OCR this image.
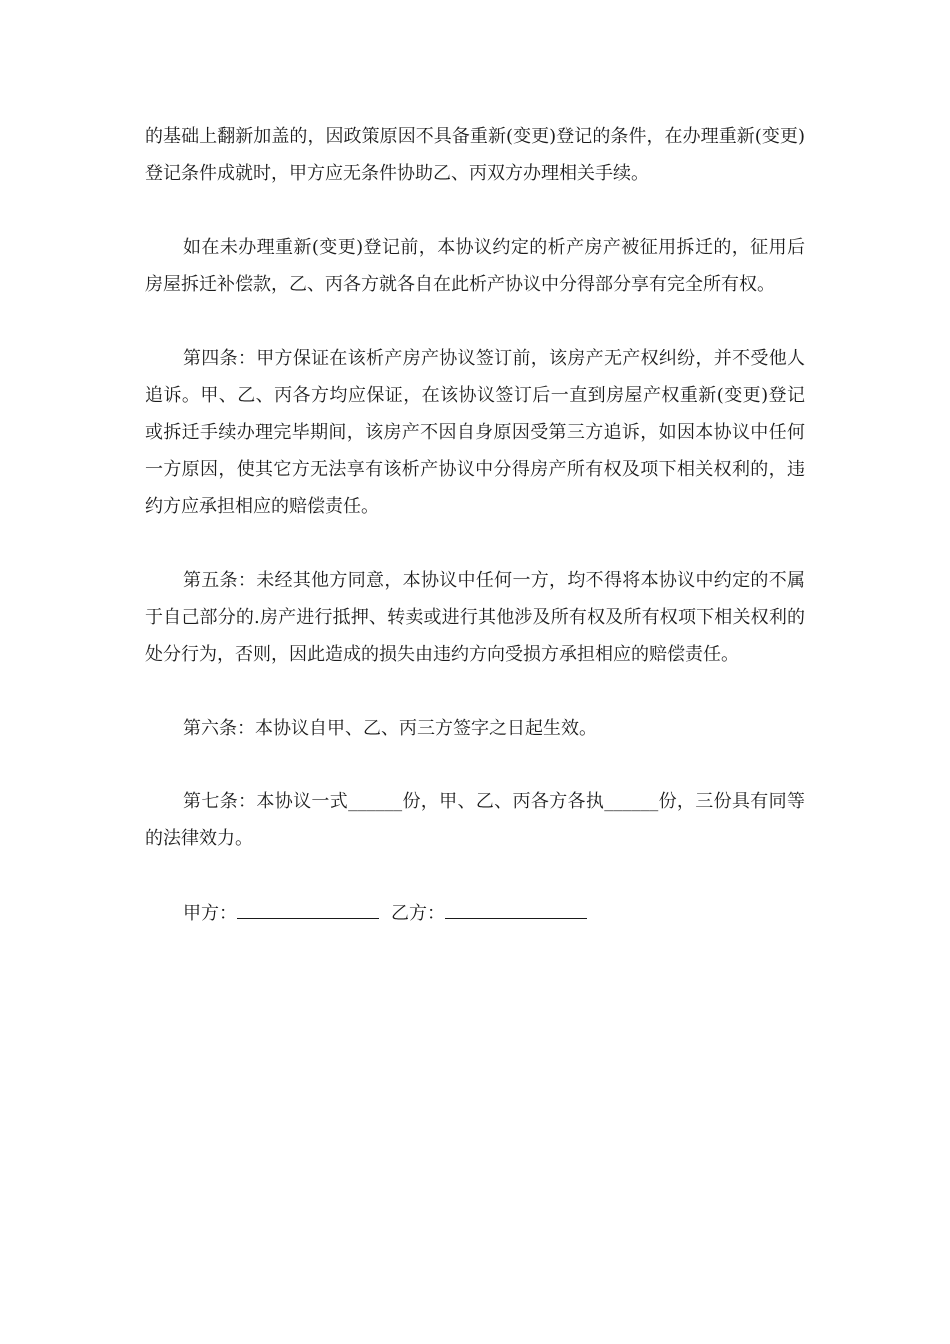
的基础上翻新加盖的，因政策原因不具备重新(变更)登记的条件，在办理重新(变更)登记条件成就时，甲方应无条件协助乙、丙双方办理相关手续。

如在未办理重新(变更)登记前，本协议约定的析产房产被征用拆迁的，征用后房屋拆迁补偿款，乙、丙各方就各自在此析产协议中分得部分享有完全所有权。

第四条：甲方保证在该析产房产协议签订前，该房产无产权纠纷，并不受他人追诉。甲、乙、丙各方均应保证，在该协议签订后一直到房屋产权重新(变更)登记或拆迁手续办理完毕期间，该房产不因自身原因受第三方追诉，如因本协议中任何一方原因，使其它方无法享有该析产协议中分得房产所有权及项下相关权利的，违约方应承担相应的赔偿责任。

第五条：未经其他方同意，本协议中任何一方，均不得将本协议中约定的不属于自己部分的.房产进行抵押、转卖或进行其他涉及所有权及所有权项下相关权利的处分行为，否则，因此造成的损失由违约方向受损方承担相应的赔偿责任。

第六条：本协议自甲、乙、丙三方签字之日起生效。

第七条：本协议一式______份，甲、乙、丙各方各执______份，三份具有同等的法律效力。

甲方：	乙方：
